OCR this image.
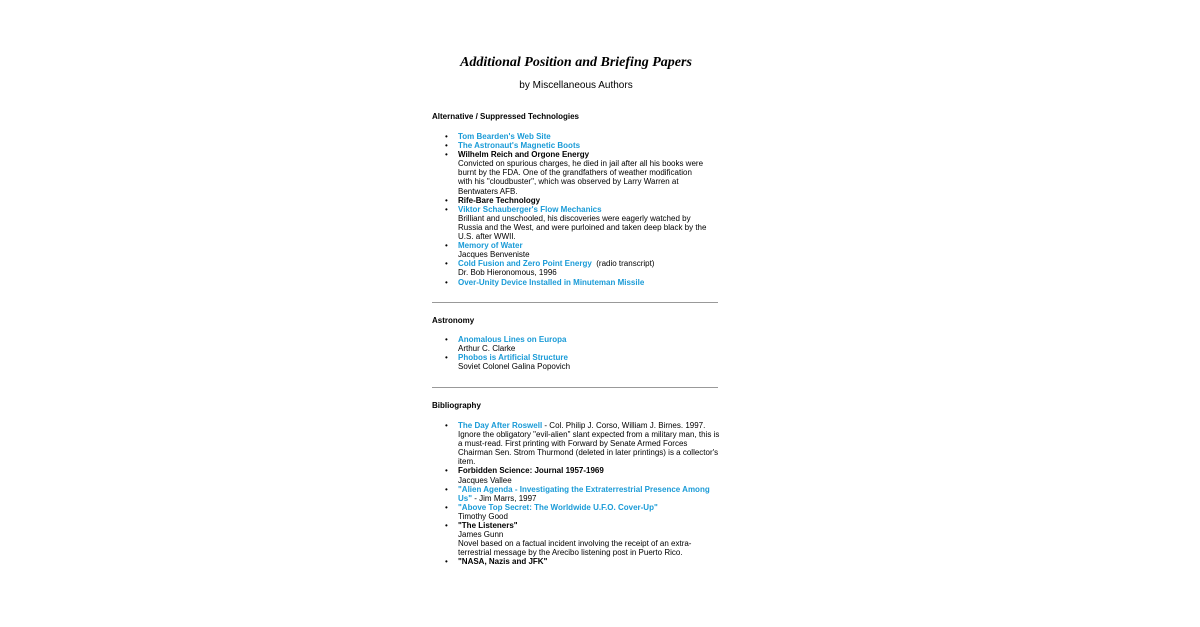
Additional Position and Briefing Papers
by Miscellaneous Authors
Alternative / Suppressed Technologies
• Tom Bearden's Web Site
• The Astronaut's Magnetic Boots
• Wilhelm Reich and Orgone Energy
Convicted on spurious charges, he died in jail after all his books were burnt by the FDA. One of the grandfathers of weather modification with his "cloudbuster", which was observed by Larry Warren at Bentwaters AFB.
• Rife-Bare Technology
• Viktor Schauberger's Flow Mechanics
Brilliant and unschooled, his discoveries were eagerly watched by Russia and the West, and were purloined and taken deep black by the U.S. after WWII.
• Memory of Water
Jacques Benveniste
• Cold Fusion and Zero Point Energy (radio transcript)
Dr. Bob Hieronomous, 1996
• Over-Unity Device Installed in Minuteman Missile
Astronomy
• Anomalous Lines on Europa
Arthur C. Clarke
• Phobos is Artificial Structure
Soviet Colonel Galina Popovich
Bibliography
• The Day After Roswell - Col. Philip J. Corso, William J. Birnes. 1997. Ignore the obligatory "evil-alien" slant expected from a military man, this is a must-read. First printing with Forward by Senate Armed Forces Chairman Sen. Strom Thurmond (deleted in later printings) is a collector's item.
• Forbidden Science: Journal 1957-1969
Jacques Vallee
• "Alien Agenda - Investigating the Extraterrestrial Presence Among Us" - Jim Marrs, 1997
• "Above Top Secret: The Worldwide U.F.O. Cover-Up"
Timothy Good
• "The Listeners"
James Gunn
Novel based on a factual incident involving the receipt of an extra-terrestrial message by the Arecibo listening post in Puerto Rico.
• "NASA, Nazis and JFK"
